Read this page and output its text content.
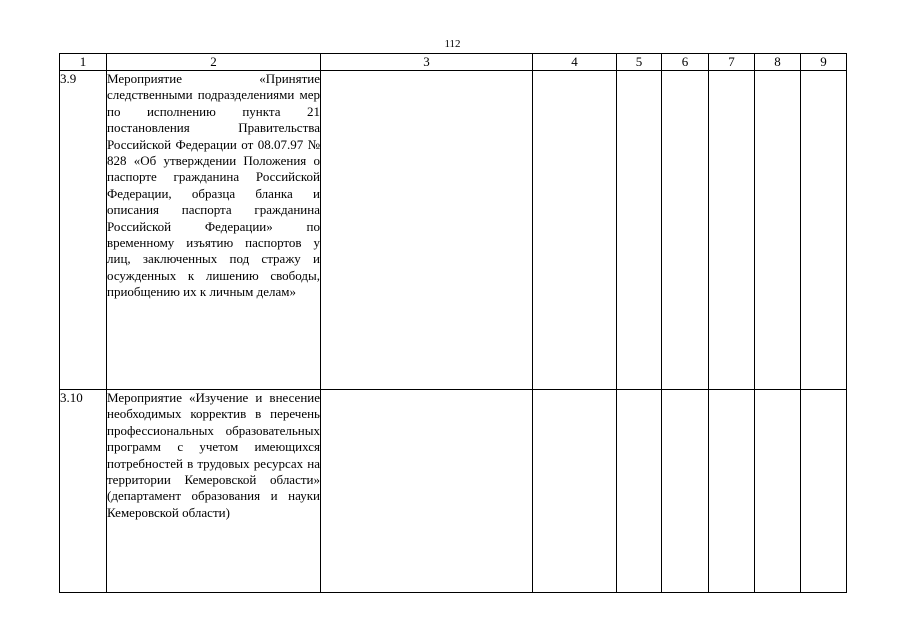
112
1	2	3	4	5	6	7	8	9
3.9	Мероприятие «Принятие следственными подразделениями мер по исполнению пункта 21 постановления Правительства Российской Федерации от 08.07.97 № 828 «Об утверждении Положения о паспорте гражданина Российской Федерации, образца бланка и описания паспорта гражданина Российской Федерации» по временному изъятию паспортов у лиц, заключенных под стражу и осужденных к лишению свободы, приобщению их к личным делам»							

3.10	Мероприятие «Изучение и внесение необходимых корректив в перечень профессиональных образовательных программ с учетом имеющихся потребностей в трудовых ресурсах на территории Кемеровской области» (департамент образования и науки Кемеровской области)							
